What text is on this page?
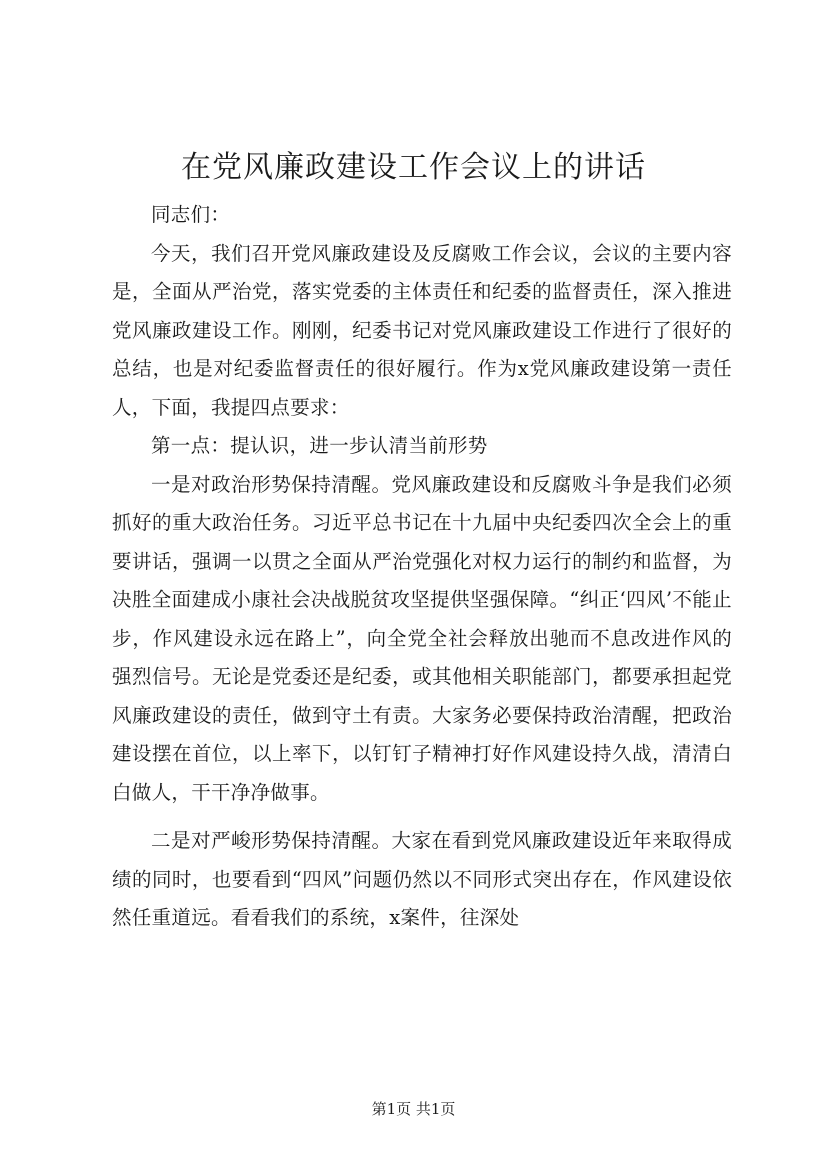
在党风廉政建设工作会议上的讲话

同志们：

今天，我们召开党风廉政建设及反腐败工作会议，会议的主要内容是，全面从严治党，落实党委的主体责任和纪委的监督责任，深入推进党风廉政建设工作。刚刚，纪委书记对党风廉政建设工作进行了很好的总结，也是对纪委监督责任的很好履行。作为x党风廉政建设第一责任人，下面，我提四点要求：

第一点：提认识，进一步认清当前形势

一是对政治形势保持清醒。党风廉政建设和反腐败斗争是我们必须抓好的重大政治任务。习近平总书记在十九届中央纪委四次全会上的重要讲话，强调一以贯之全面从严治党强化对权力运行的制约和监督，为决胜全面建成小康社会决战脱贫攻坚提供坚强保障。“纠正‘四风’不能止步，作风建设永远在路上”，向全党全社会释放出驰而不息改进作风的强烈信号。无论是党委还是纪委，或其他相关职能部门，都要承担起党风廉政建设的责任，做到守土有责。大家务必要保持政治清醒，把政治建设摆在首位，以上率下，以钉钉子精神打好作风建设持久战，清清白白做人，干干净净做事。

二是对严峻形势保持清醒。大家在看到党风廉政建设近年来取得成绩的同时，也要看到“四风”问题仍然以不同形式突出存在，作风建设依然任重道远。看看我们的系统，x案件，往深处

第1页 共1页
